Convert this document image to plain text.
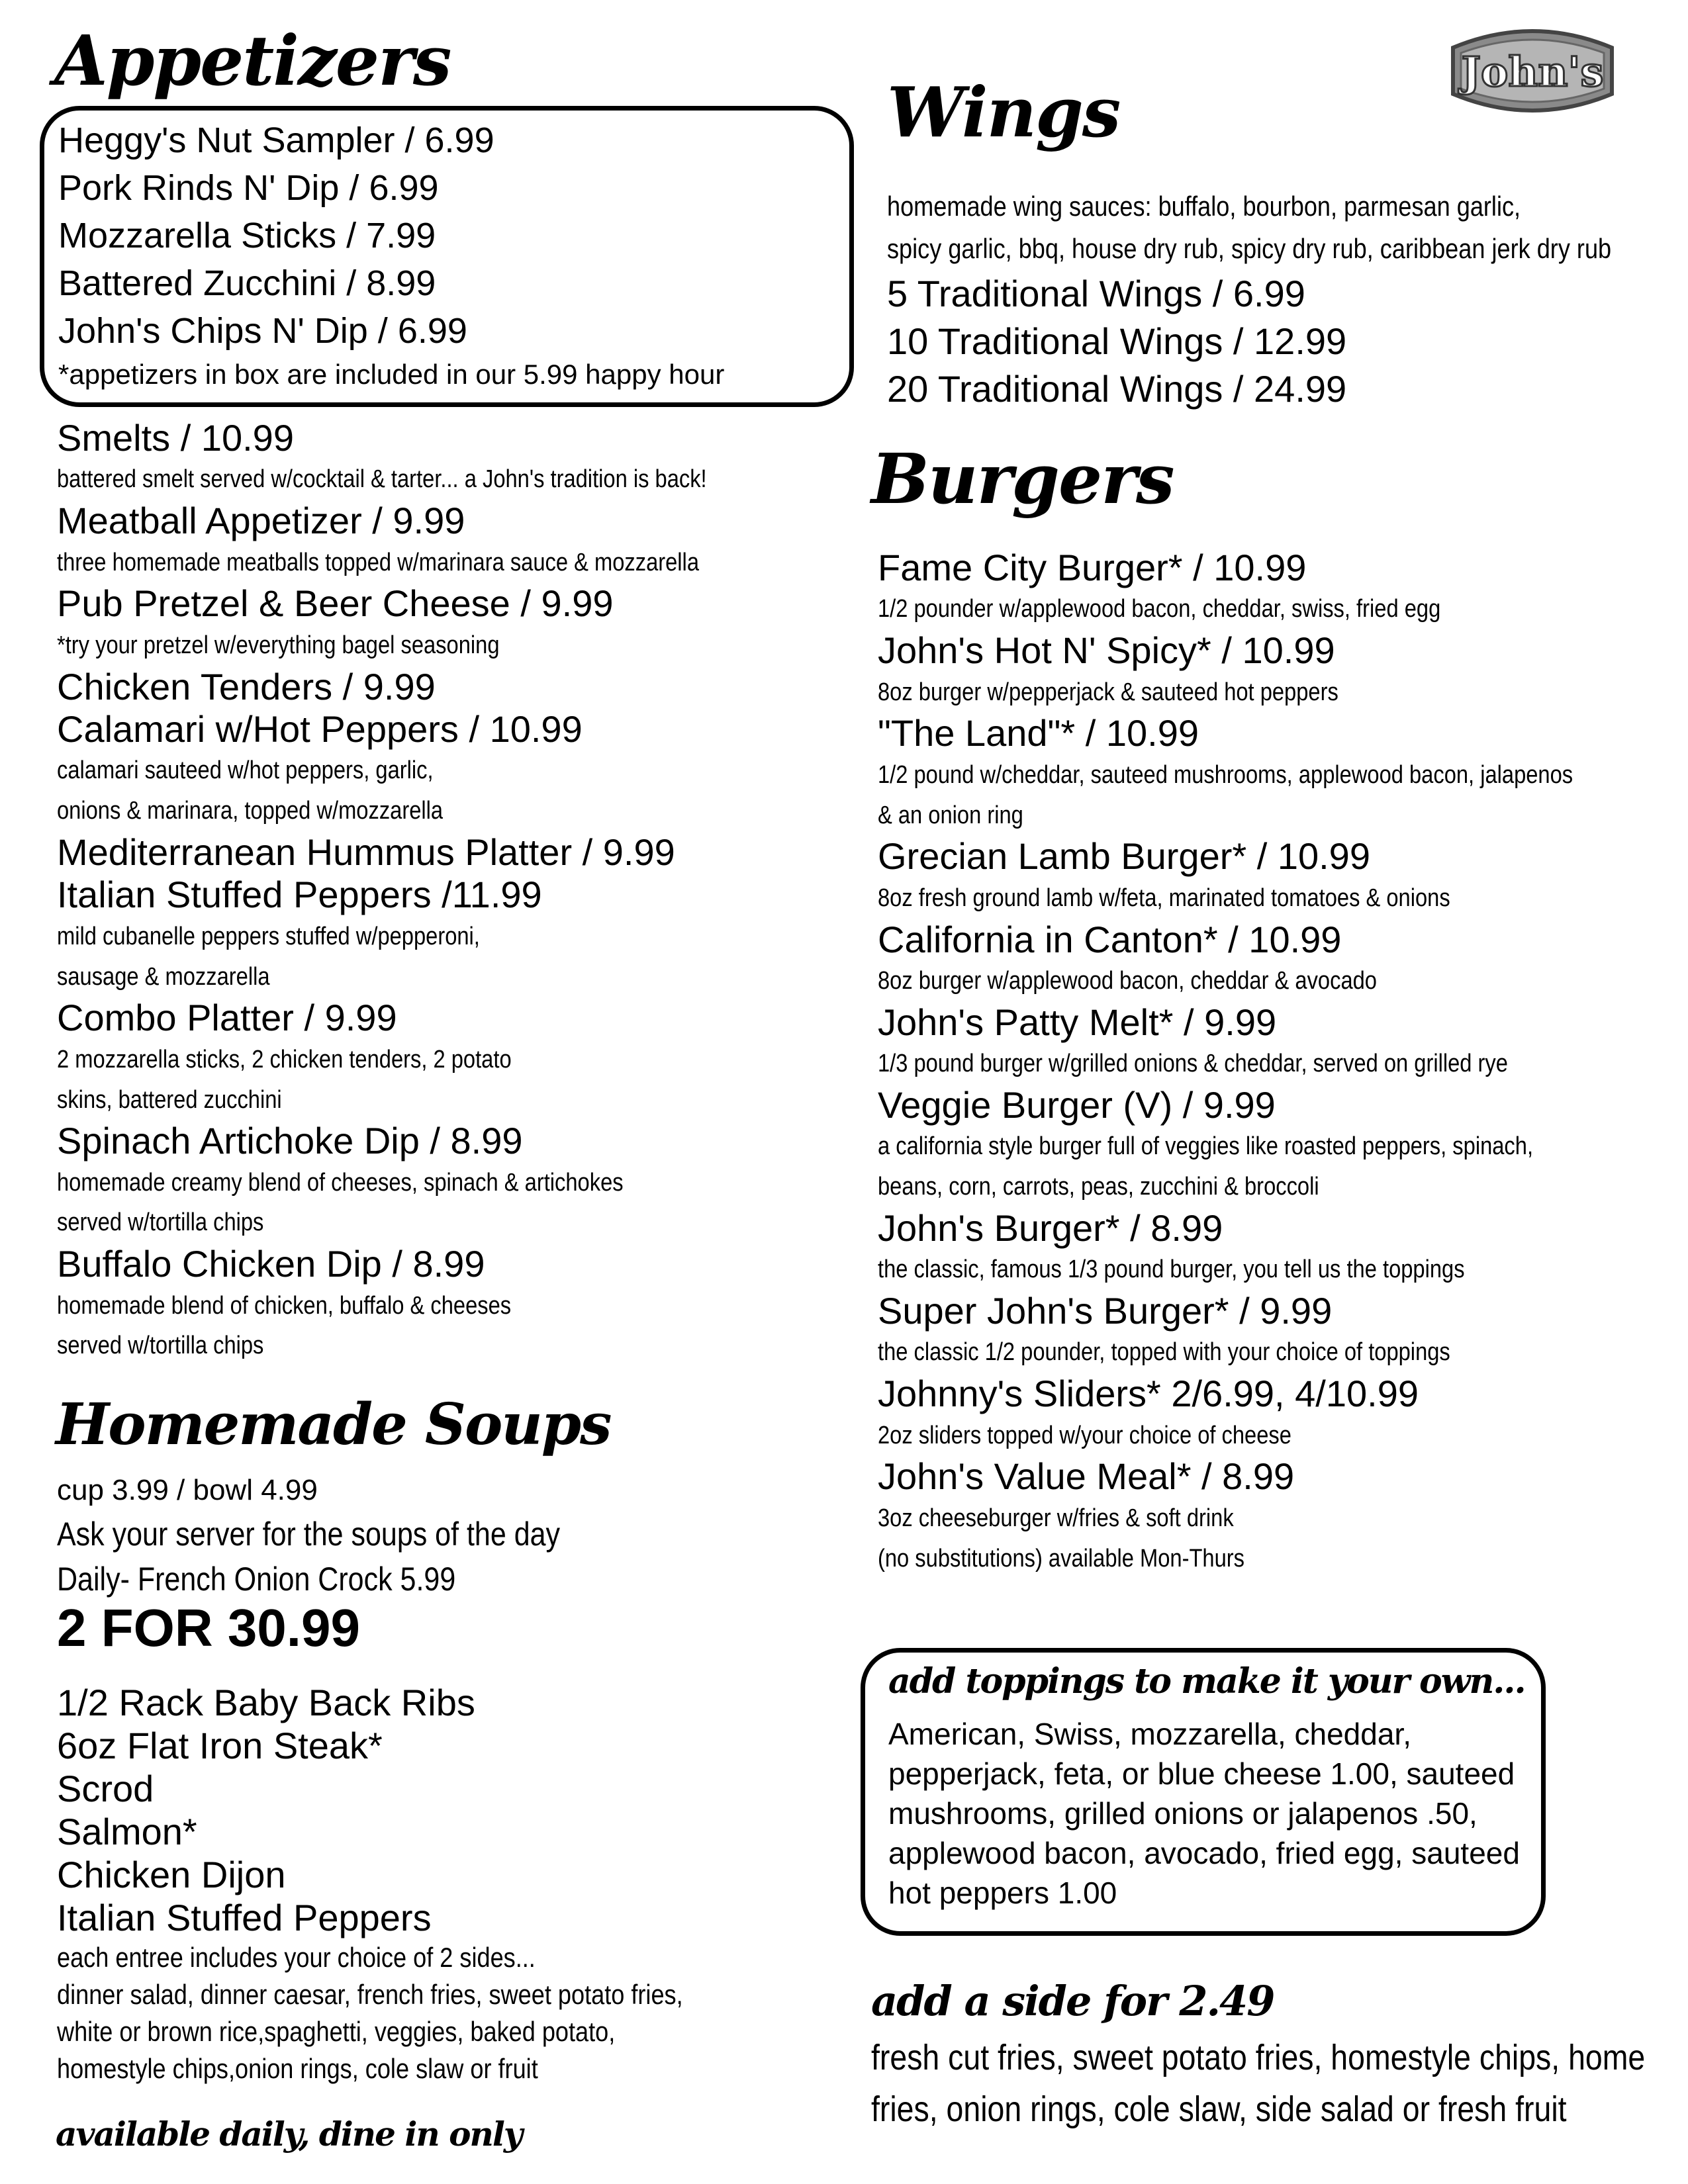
John's
Appetizers

Heggy's Nut Sampler / 6.99

Pork Rinds N' Dip / 6.99

Mozzarella Sticks / 7.99

Battered Zucchini / 8.99

John's Chips N' Dip / 6.99

*appetizers in box are included in our 5.99 happy hour

Smelts / 10.99

battered smelt served w/cocktail & tarter... a John's tradition is back!

Meatball Appetizer / 9.99

three homemade meatballs topped w/marinara sauce & mozzarella

Pub Pretzel & Beer Cheese / 9.99

*try your pretzel w/everything bagel seasoning

Chicken Tenders / 9.99

Calamari w/Hot Peppers / 10.99

calamari sauteed w/hot peppers, garlic,

onions & marinara, topped w/mozzarella

Mediterranean Hummus Platter / 9.99

Italian Stuffed Peppers /11.99

mild cubanelle peppers stuffed w/pepperoni,

sausage & mozzarella

Combo Platter / 9.99

2 mozzarella sticks, 2 chicken tenders, 2 potato

skins, battered zucchini

Spinach Artichoke Dip / 8.99

homemade creamy blend of cheeses, spinach & artichokes

served w/tortilla chips

Buffalo Chicken Dip / 8.99

homemade blend of chicken, buffalo & cheeses

served w/tortilla chips

Homemade Soups

cup 3.99 / bowl 4.99

Ask your server for the soups of the day

Daily- French Onion Crock 5.99

2 FOR 30.99

1/2 Rack Baby Back Ribs

6oz Flat Iron Steak*

Scrod

Salmon*

Chicken Dijon

Italian Stuffed Peppers

each entree includes your choice of 2 sides...

dinner salad, dinner caesar, french fries, sweet potato fries,

white or brown rice,spaghetti, veggies, baked potato,

homestyle chips,onion rings, cole slaw or fruit

available daily, dine in only
Wings

homemade wing sauces: buffalo, bourbon, parmesan garlic,

spicy garlic, bbq, house dry rub, spicy dry rub, caribbean jerk dry rub

5 Traditional Wings / 6.99

10 Traditional Wings / 12.99

20 Traditional Wings / 24.99

Burgers

Fame City Burger* / 10.99

1/2 pounder w/applewood bacon, cheddar, swiss, fried egg

John's Hot N' Spicy* / 10.99

8oz burger w/pepperjack & sauteed hot peppers

"The Land"* / 10.99

1/2 pound w/cheddar, sauteed mushrooms, applewood bacon, jalapenos

& an onion ring

Grecian Lamb Burger* / 10.99

8oz fresh ground lamb w/feta, marinated tomatoes & onions

California in Canton* / 10.99

8oz burger w/applewood bacon, cheddar & avocado

John's Patty Melt* / 9.99

1/3 pound burger w/grilled onions & cheddar, served on grilled rye

Veggie Burger (V) / 9.99

a california style burger full of veggies like roasted peppers, spinach,

beans, corn, carrots, peas, zucchini & broccoli

John's Burger* / 8.99

the classic, famous 1/3 pound burger, you tell us the toppings

Super John's Burger* / 9.99

the classic 1/2 pounder, topped with your choice of toppings

Johnny's Sliders* 2/6.99, 4/10.99

2oz sliders topped w/your choice of cheese

John's Value Meal* / 8.99

3oz cheeseburger w/fries & soft drink

(no substitutions) available Mon-Thurs

add toppings to make it your own...

American, Swiss, mozzarella, cheddar,

pepperjack, feta, or blue cheese 1.00, sauteed

mushrooms, grilled onions or jalapenos .50,

applewood bacon, avocado, fried egg, sauteed

hot peppers 1.00

add a side for 2.49

fresh cut fries, sweet potato fries, homestyle chips, home

fries, onion rings, cole slaw, side salad or fresh fruit
